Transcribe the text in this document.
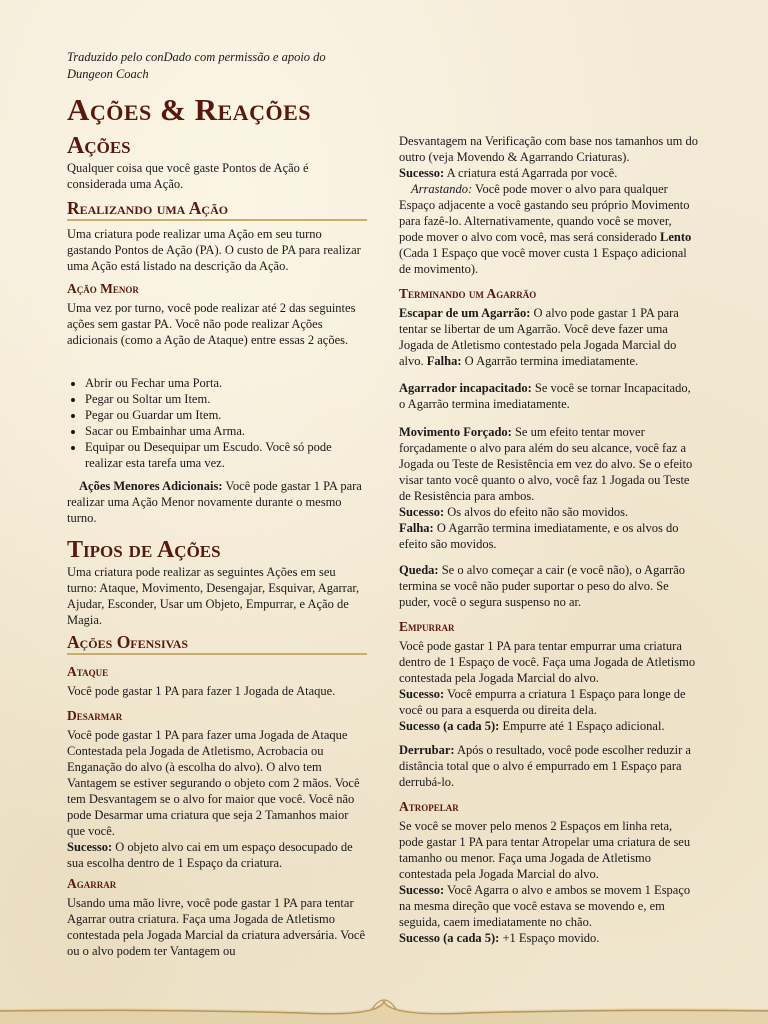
Traduzido pelo conDado com permissão e apoio do Dungeon Coach
Ações & Reações
Ações
Qualquer coisa que você gaste Pontos de Ação é considerada uma Ação.
Realizando uma Ação
Uma criatura pode realizar uma Ação em seu turno gastando Pontos de Ação (PA). O custo de PA para realizar uma Ação está listado na descrição da Ação.
Ação Menor
Uma vez por turno, você pode realizar até 2 das seguintes ações sem gastar PA. Você não pode realizar Ações adicionais (como a Ação de Ataque) entre essas 2 ações.
• Abrir ou Fechar uma Porta.
• Pegar ou Soltar um Item.
• Pegar ou Guardar um Item.
• Sacar ou Embainhar uma Arma.
• Equipar ou Desequipar um Escudo. Você só pode realizar esta tarefa uma vez.

Ações Menores Adicionais: Você pode gastar 1 PA para realizar uma Ação Menor novamente durante o mesmo turno.

Tipos de Ações
Uma criatura pode realizar as seguintes Ações em seu turno: Ataque, Movimento, Desengajar, Esquivar, Agarrar, Ajudar, Esconder, Usar um Objeto, Empurrar, e Ação de Magia.
Ações Ofensivas
Ataque
Você pode gastar 1 PA para fazer 1 Jogada de Ataque.
Desarmar

Você pode gastar 1 PA para fazer uma Jogada de Ataque Contestada pela Jogada de Atletismo, Acrobacia ou Enganação do alvo (à escolha do alvo). O alvo tem Vantagem se estiver segurando o objeto com 2 mãos. Você tem Desvantagem se o alvo for maior que você. Você não pode Desarmar uma criatura que seja 2 Tamanhos maior que você.

Sucesso: O objeto alvo cai em um espaço desocupado de sua escolha dentro de 1 Espaço da criatura.

Agarrar
Usando uma mão livre, você pode gastar 1 PA para tentar Agarrar outra criatura. Faça uma Jogada de Atletismo contestada pela Jogada Marcial da criatura adversária. Você ou o alvo podem ter Vantagem ou

Desvantagem na Verificação com base nos tamanhos um do outro (veja Movendo & Agarrando Criaturas).

Sucesso: A criatura está Agarrada por você.

Arrastando: Você pode mover o alvo para qualquer Espaço adjacente a você gastando seu próprio Movimento para fazê-lo. Alternativamente, quando você se mover, pode mover o alvo com você, mas será considerado Lento (Cada 1 Espaço que você mover custa 1 Espaço adicional de movimento).

Terminando um Agarrão

Escapar de um Agarrão: O alvo pode gastar 1 PA para tentar se libertar de um Agarrão. Você deve fazer uma Jogada de Atletismo contestado pela Jogada Marcial do alvo. Falha: O Agarrão termina imediatamente.

Agarrador incapacitado: Se você se tornar Incapacitado, o Agarrão termina imediatamente.

Movimento Forçado: Se um efeito tentar mover forçadamente o alvo para além do seu alcance, você faz a Jogada ou Teste de Resistência em vez do alvo. Se o efeito visar tanto você quanto o alvo, você faz 1 Jogada ou Teste de Resistência para ambos.

Sucesso: Os alvos do efeito não são movidos.

Falha: O Agarrão termina imediatamente, e os alvos do efeito são movidos.

Queda: Se o alvo começar a cair (e você não), o Agarrão termina se você não puder suportar o peso do alvo. Se puder, você o segura suspenso no ar.

Empurrar

Você pode gastar 1 PA para tentar empurrar uma criatura dentro de 1 Espaço de você. Faça uma Jogada de Atletismo contestada pela Jogada Marcial do alvo.

Sucesso: Você empurra a criatura 1 Espaço para longe de você ou para a esquerda ou direita dela.

Sucesso (a cada 5): Empurre até 1 Espaço adicional.

Derrubar: Após o resultado, você pode escolher reduzir a distância total que o alvo é empurrado em 1 Espaço para derrubá-lo.

Atropelar

Se você se mover pelo menos 2 Espaços em linha reta, pode gastar 1 PA para tentar Atropelar uma criatura de seu tamanho ou menor. Faça uma Jogada de Atletismo contestada pela Jogada Marcial do alvo.

Sucesso: Você Agarra o alvo e ambos se movem 1 Espaço na mesma direção que você estava se movendo e, em seguida, caem imediatamente no chão.

Sucesso (a cada 5): +1 Espaço movido.
